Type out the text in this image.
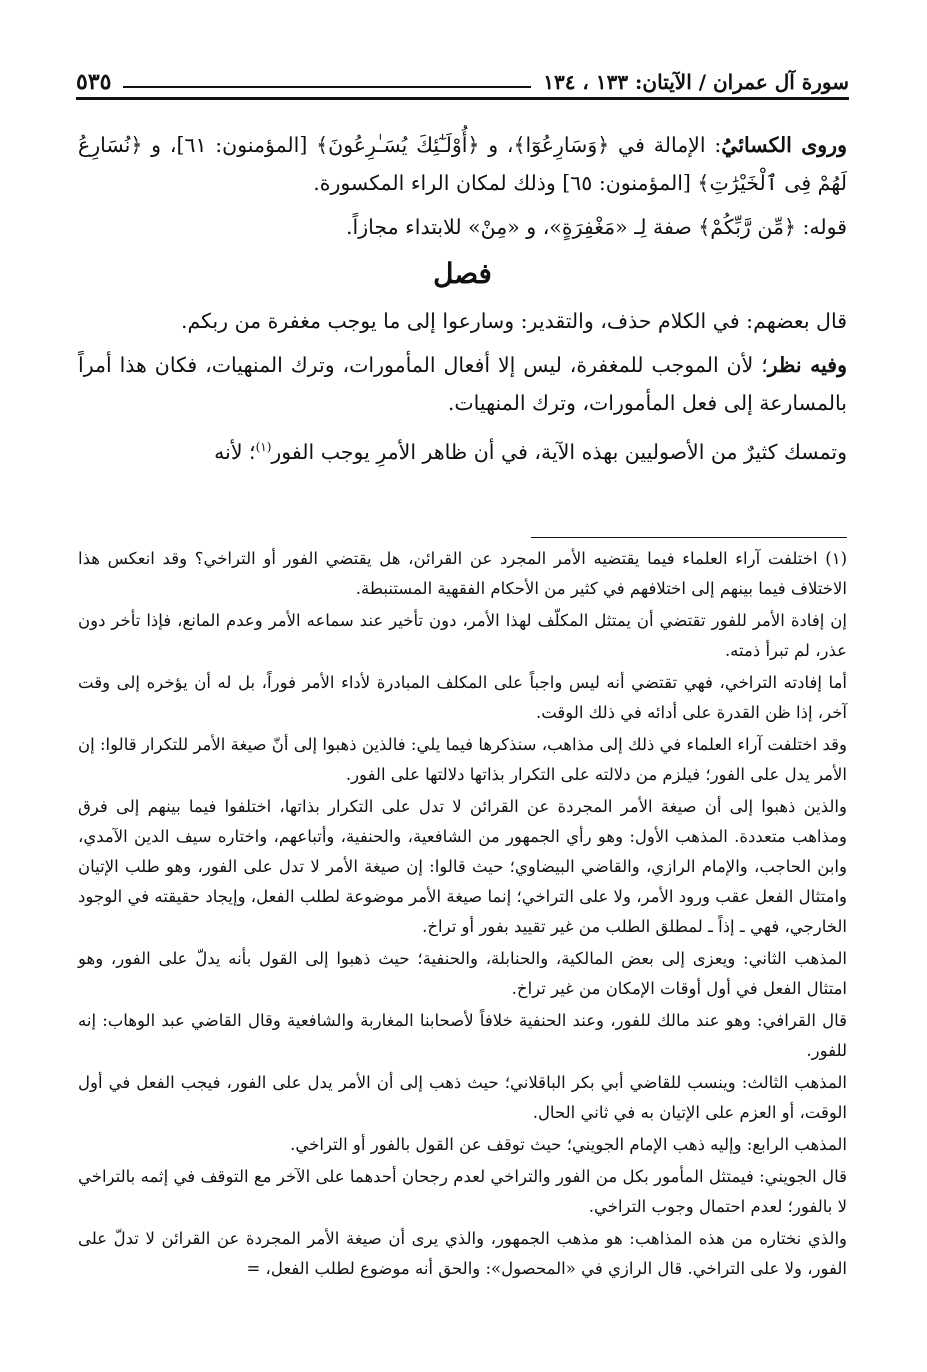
سورة آل عمران / الآيتان: ١٣٣ ، ١٣٤
٥٣٥

وروى الكسائيُ: الإمالة في ﴿وَسَارِعُوٓا﴾، و ﴿أُوْلَـٰٓئِكَ يُسَـٰرِعُونَ﴾ [المؤمنون: ٦١]، و ﴿نُسَارِعُ لَهُمْ فِى ٱلْخَيْرَٰتِ﴾ [المؤمنون: ٦٥] وذلك لمكان الراء المكسورة.

قوله: ﴿مِّن رَّبِّكُمْ﴾ صفة لِـ «مَغْفِرَةٍ»، و «مِنْ» للابتداء مجازاً.

فصل

قال بعضهم: في الكلام حذف، والتقدير: وسارعوا إلى ما يوجب مغفرة من ربكم.

وفيه نظر؛ لأن الموجب للمغفرة، ليس إلا أفعال المأمورات، وترك المنهيات، فكان هذا أمراً بالمسارعة إلى فعل المأمورات، وترك المنهيات.

وتمسك كثيرٌ من الأصوليين بهذه الآية، في أن ظاهر الأمرِ يوجب الفور$^{(١)}$؛ لأنه

(١) اختلفت آراء العلماء فيما يقتضيه الأمر المجرد عن القرائن، هل يقتضي الفور أو التراخي؟ وقد انعكس هذا الاختلاف فيما بينهم إلى اختلافهم في كثير من الأحكام الفقهية المستنبطة.

إن إفادة الأمر للفور تقتضي أن يمتثل المكلّف لهذا الأمر، دون تأخير عند سماعه الأمر وعدم المانع، فإذا تأخر دون عذر، لم تبرأ ذمته.

أما إفادته التراخي، فهي تقتضي أنه ليس واجباً على المكلف المبادرة لأداء الأمر فوراً، بل له أن يؤخره إلى وقت آخر، إذا ظن القدرة على أدائه في ذلك الوقت.

وقد اختلفت آراء العلماء في ذلك إلى مذاهب، سنذكرها فيما يلي: فالذين ذهبوا إلى أنّ صيغة الأمر للتكرار قالوا: إن الأمر يدل على الفور؛ فيلزم من دلالته على التكرار بذاتها دلالتها على الفور.

والذين ذهبوا إلى أن صيغة الأمر المجردة عن القرائن لا تدل على التكرار بذاتها، اختلفوا فيما بينهم إلى فرق ومذاهب متعددة. المذهب الأول: وهو رأي الجمهور من الشافعية، والحنفية، وأتباعهم، واختاره سيف الدين الآمدي، وابن الحاجب، والإمام الرازي، والقاضي البيضاوي؛ حيث قالوا: إن صيغة الأمر لا تدل على الفور، وهو طلب الإتيان وامتثال الفعل عقب ورود الأمر، ولا على التراخي؛ إنما صيغة الأمر موضوعة لطلب الفعل، وإيجاد حقيقته في الوجود الخارجي، فهي ـ إذاً ـ لمطلق الطلب من غير تقييد بفور أو تراخ.

المذهب الثاني: ويعزى إلى بعض المالكية، والحنابلة، والحنفية؛ حيث ذهبوا إلى القول بأنه يدلّ على الفور، وهو امتثال الفعل في أول أوقات الإمكان من غير تراخ.

قال القرافي: وهو عند مالك للفور، وعند الحنفية خلافاً لأصحابنا المغاربة والشافعية وقال القاضي عبد الوهاب: إنه للفور.

المذهب الثالث: وينسب للقاضي أبي بكر الباقلاني؛ حيث ذهب إلى أن الأمر يدل على الفور، فيجب الفعل في أول الوقت، أو العزم على الإتيان به في ثاني الحال.

المذهب الرابع: وإليه ذهب الإمام الجويني؛ حيث توقف عن القول بالفور أو التراخي.

قال الجويني: فيمتثل المأمور بكل من الفور والتراخي لعدم رجحان أحدهما على الآخر مع التوقف في إثمه بالتراخي لا بالفور؛ لعدم احتمال وجوب التراخي.

والذي نختاره من هذه المذاهب: هو مذهب الجمهور، والذي يرى أن صيغة الأمر المجردة عن القرائن لا تدلّ على الفور، ولا على التراخي. قال الرازي في «المحصول»: والحق أنه موضوع لطلب الفعل، =
